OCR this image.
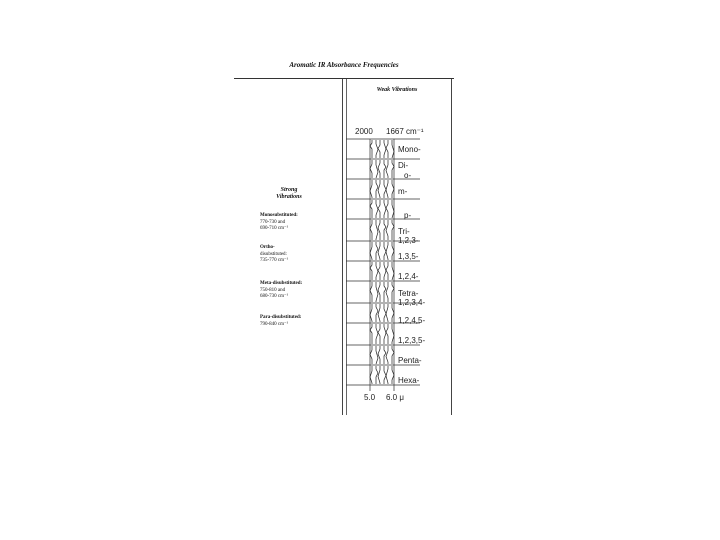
Aromatic IR Absorbance Frequencies
Weak Vibrations
Strong
Vibrations
Monosubstituted:
770-730 and
690-710 cm⁻¹
Ortho-
disubstituted:
735-770 cm⁻¹
Meta-disubstituted:
750-810 and
680-730 cm⁻¹
Para-disubstituted:
790-840 cm⁻¹
2000 1667 cm⁻¹
5.0 6.0 μ
Mono-
Di-
o-
m-
p-
Tri-
1,2,3-
1,3,5-
1,2,4-
Tetra-
1,2,3,4-
1,2,4,5-
1,2,3,5-
Penta-
Hexa-
